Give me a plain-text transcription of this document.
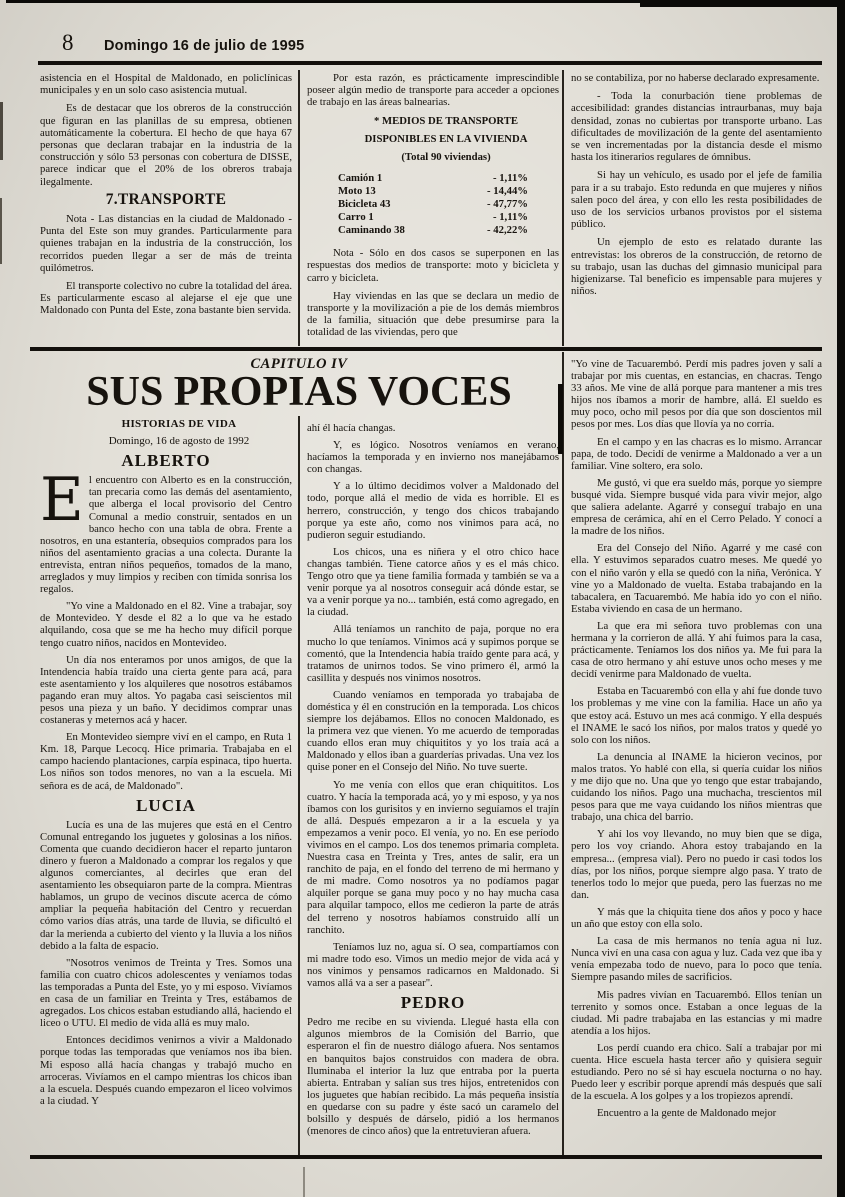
8 Domingo 16 de julio de 1995

asistencia en el Hospital de Maldonado, en policlínicas municipales y en un solo caso asistencia mutual.

Es de destacar que los obreros de la construcción que figuran en las planillas de su empresa, obtienen automáticamente la cobertura. El hecho de que haya 67 personas que declaran trabajar en la industria de la construcción y sólo 53 personas con cobertura de DISSE, parece indicar que el 20% de los obreros trabaja ilegalmente.

7.TRANSPORTE

Nota - Las distancias en la ciudad de Maldonado - Punta del Este son muy grandes. Particularmente para quienes trabajan en la industria de la construcción, los recorridos pueden llegar a ser de más de treinta quilómetros.

El transporte colectivo no cubre la totalidad del área. Es particularmente escaso al alejarse el eje que une Maldonado con Punta del Este, zona bastante bien servida.

Por esta razón, es prácticamente imprescindible poseer algún medio de transporte para acceder a opciones de trabajo en las áreas balnearias.

* MEDIOS DE TRANSPORTE

DISPONIBLES EN LA VIVIENDA

(Total 90 viviendas)

Camión 1	- 1,11%
Moto 13	- 14,44%
Bicicleta 43	- 47,77%
Carro 1	- 1,11%
Caminando 38	- 42,22%

Nota - Sólo en dos casos se superponen en las respuestas dos medios de transporte: moto y bicicleta y carro y bicicleta.

Hay viviendas en las que se declara un medio de transporte y la movilización a pie de los demás miembros de la familia, situación que debe presumirse para la totalidad de las viviendas, pero que

no se contabiliza, por no haberse declarado expresamente.

- Toda la conurbación tiene problemas de accesibilidad: grandes distancias intraurbanas, muy baja densidad, zonas no cubiertas por transporte urbano. Las dificultades de movilización de la gente del asentamiento se ven incrementadas por la distancia desde el mismo hasta los itinerarios regulares de ómnibus.

Si hay un vehículo, es usado por el jefe de familia para ir a su trabajo. Esto redunda en que mujeres y niños salen poco del área, y con ello les resta posibilidades de uso de los servicios urbanos provistos por el sistema público.

Un ejemplo de esto es relatado durante las entrevistas: los obreros de la construcción, de retorno de su trabajo, usan las duchas del gimnasio municipal para higienizarse. Tal beneficio es impensable para mujeres y niños.

CAPITULO IV
SUS PROPIAS VOCES

HISTORIAS DE VIDA

Domingo, 16 de agosto de 1992

ALBERTO

El encuentro con Alberto es en la construcción, tan precaria como las demás del asentamiento, que alberga el local provisorio del Centro Comunal a medio construir, sentados en un banco hecho con una tabla de obra. Frente a nosotros, en una estantería, obsequios comprados para los niños del asentamiento gracias a una colecta. Durante la entrevista, entran niños pequeños, tomados de la mano, arreglados y muy limpios y reciben con tímida sonrisa los regalos.

"Yo vine a Maldonado en el 82. Vine a trabajar, soy de Montevideo. Y desde el 82 a lo que va he estado alquilando, cosa que se me ha hecho muy difícil porque tengo cuatro niños, nacidos en Montevideo.

Un día nos enteramos por unos amigos, de que la Intendencia había traído una cierta gente para acá, para este asentamiento y los alquileres que nosotros estábamos pagando eran muy altos. Yo pagaba casi seiscientos mil pesos una pieza y un baño. Y decidimos comprar unas costaneras y meternos acá y hacer.

En Montevideo siempre viví en el campo, en Ruta 1 Km. 18, Parque Lecocq. Hice primaria. Trabajaba en el campo haciendo plantaciones, carpía espinaca, tipo huerta. Los niños son todos menores, no van a la escuela. Mi señora es de acá, de Maldonado".

LUCIA

Lucía es una de las mujeres que está en el Centro Comunal entregando los juguetes y golosinas a los niños. Comenta que cuando decidieron hacer el reparto juntaron dinero y fueron a Maldonado a comprar los regalos y que algunos comerciantes, al decirles que eran del asentamiento les obsequiaron parte de la compra. Mientras hablamos, un grupo de vecinos discute acerca de cómo ampliar la pequeña habitación del Centro y recuerdan cómo varios días atrás, una tarde de lluvia, se dificultó el dar la merienda a cubierto del viento y la lluvia a los niños debido a la falta de espacio.

"Nosotros venimos de Treinta y Tres. Somos una familia con cuatro chicos adolescentes y veníamos todas las temporadas a Punta del Este, yo y mi esposo. Vivíamos en casa de un familiar en Treinta y Tres, estábamos de agregados. Los chicos estaban estudiando allá, haciendo el liceo o UTU. El medio de vida allá es muy malo.

Entonces decidimos venirnos a vivir a Maldonado porque todas las temporadas que veníamos nos iba bien. Mi esposo allá hacía changas y trabajó mucho en arroceras. Vivíamos en el campo mientras los chicos iban a la escuela. Después cuando empezaron el liceo volvimos a la ciudad. Y

ahí él hacía changas.

Y, es lógico. Nosotros veníamos en verano, hacíamos la temporada y en invierno nos manejábamos con changas.

Y a lo último decidimos volver a Maldonado del todo, porque allá el medio de vida es horrible. El es herrero, construcción, y tengo dos chicos trabajando porque ya este año, como nos vinimos para acá, no pudieron seguir estudiando.

Los chicos, una es niñera y el otro chico hace changas también. Tiene catorce años y es el más chico. Tengo otro que ya tiene familia formada y también se va a venir porque ya al nosotros conseguir acá dónde estar, se va a venir porque ya no... también, está como agregado, en la ciudad.

Allá teníamos un ranchito de paja, porque no era mucho lo que teníamos. Vinimos acá y supimos porque se comentó, que la Intendencia había traído gente para acá, y tratamos de unirnos todos. Se vino primero él, armó la casillita y después nos vinimos nosotros.

Cuando veníamos en temporada yo trabajaba de doméstica y él en construción en la temporada. Los chicos siempre los dejábamos. Ellos no conocen Maldonado, es la primera vez que vienen. Yo me acuerdo de temporadas cuando ellos eran muy chiquititos y yo los traía acá a Maldonado y ellos iban a guarderías privadas. Una vez los quise poner en el Consejo del Niño. No tuve suerte.

Yo me venía con ellos que eran chiquititos. Los cuatro. Y hacía la temporada acá, yo y mi esposo, y ya nos íbamos con los gurisitos y en invierno seguíamos el trajín de allá. Después empezaron a ir a la escuela y ya empezamos a venir poco. El venía, yo no. En ese período vivimos en el campo. Los dos tenemos primaria completa. Nuestra casa en Treinta y Tres, antes de salir, era un ranchito de paja, en el fondo del terreno de mi hermano y de mi madre. Como nosotros ya no podíamos pagar alquiler porque se gana muy poco y no hay mucha casa para alquilar tampoco, ellos me cedieron la parte de atrás del terreno y nosotros habíamos construido allí un ranchito.

Teníamos luz no, agua sí. O sea, compartíamos con mi madre todo eso. Vimos un medio mejor de vida acá y nos vinimos y pensamos radicarnos en Maldonado. Si vamos allá va a ser a pasear".

PEDRO

Pedro me recibe en su vivienda. Llegué hasta ella con algunos miembros de la Comisión del Barrio, que esperaron el fin de nuestro diálogo afuera. Nos sentamos en banquitos bajos construidos con madera de obra. Iluminaba el interior la luz que entraba por la puerta abierta. Entraban y salían sus tres hijos, entretenidos con los juguetes que habían recibido. La más pequeña insistía en quedarse con su padre y éste sacó un caramelo del bolsillo y después de dárselo, pidió a los hermanos (menores de cinco años) que la entretuvieran afuera.

"Yo vine de Tacuarembó. Perdí mis padres joven y salí a trabajar por mis cuentas, en estancias, en chacras. Tengo 33 años. Me vine de allá porque para mantener a mis tres hijos nos íbamos a morir de hambre, allá. El sueldo es muy poco, ocho mil pesos por día que son doscientos mil pesos por mes. Los días que llovía ya no corría.

En el campo y en las chacras es lo mismo. Arrancar papa, de todo. Decidí de venirme a Maldonado a ver a un familiar. Vine soltero, era solo.

Me gustó, vi que era sueldo más, porque yo siempre busqué vida. Siempre busqué vida para vivir mejor, algo que saliera adelante. Agarré y conseguí trabajo en una empresa de cerámica, ahí en el Cerro Pelado. Y conocí a la madre de los niños.

Era del Consejo del Niño. Agarré y me casé con ella. Y estuvimos separados cuatro meses. Me quedé yo con el niño varón y ella se quedó con la niña, Verónica. Y vine yo a Maldonado de vuelta. Estaba trabajando en la tabacalera, en Tacuarembó. Me había ido yo con el niño. Estaba viviendo en casa de un hermano.

La que era mi señora tuvo problemas con una hermana y la corrieron de allá. Y ahí fuimos para la casa, prácticamente. Teníamos los dos niños ya. Me fui para la casa de otro hermano y ahí estuve unos ocho meses y me decidí venirme para Maldonado de vuelta.

Estaba en Tacuarembó con ella y ahí fue donde tuvo los problemas y me vine con la familia. Hace un año ya que estoy acá. Estuvo un mes acá conmigo. Y ella después el INAME le sacó los niños, por malos tratos y quedé yo solo con los niños.

La denuncia al INAME la hicieron vecinos, por malos tratos. Yo hablé con ella, si quería cuidar los niños y me dijo que no. Una que yo tengo que estar trabajando, cuidando los niños. Pago una muchacha, trescientos mil pesos para que me vaya cuidando los niños mientras que trabajo, una chica del barrio.

Y ahí los voy llevando, no muy bien que se diga, pero los voy criando. Ahora estoy trabajando en la empresa... (empresa vial). Pero no puedo ir casi todos los días, por los niños, porque siempre algo pasa. Y trato de tenerlos todo lo mejor que pueda, pero las fuerzas no me dan.

Y más que la chiquita tiene dos años y poco y hace un año que estoy con ella solo.

La casa de mis hermanos no tenía agua ni luz. Nunca viví en una casa con agua y luz. Cada vez que iba y venía empezaba todo de nuevo, para lo poco que tenía. Siempre pasando miles de sacrificios.

Mis padres vivían en Tacuarembó. Ellos tenían un terrenito y somos once. Estaban a once leguas de la ciudad. Mi padre trabajaba en las estancias y mi madre atendía a los hijos.

Los perdí cuando era chico. Salí a trabajar por mi cuenta. Hice escuela hasta tercer año y quisiera seguir estudiando. Pero no sé si hay escuela nocturna o no hay. Puedo leer y escribir porque aprendí más después que salí de la escuela. A los golpes y a los tropiezos aprendí.

Encuentro a la gente de Maldonado mejor
